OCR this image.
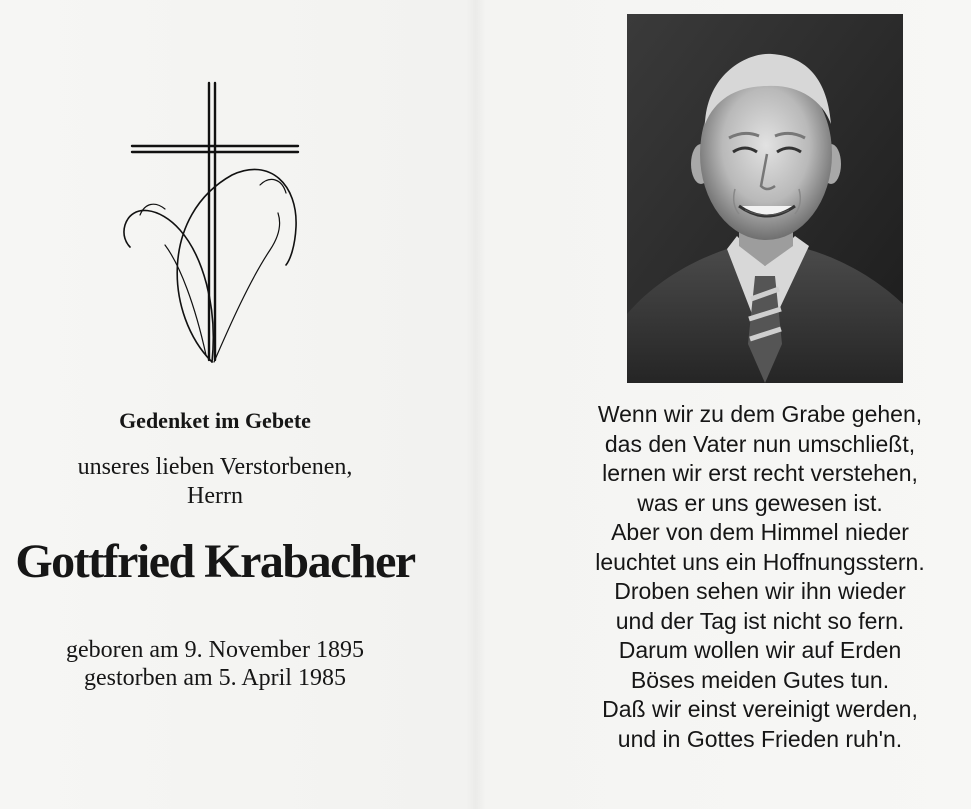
Gedenket im Gebete
unseres lieben Verstorbenen,
Herrn
Gottfried Krabacher
geboren am 9. November 1895
gestorben am 5. April 1985
Wenn wir zu dem Grabe gehen,
das den Vater nun umschließt,
lernen wir erst recht verstehen,
was er uns gewesen ist.
Aber von dem Himmel nieder
leuchtet uns ein Hoffnungsstern.
Droben sehen wir ihn wieder
und der Tag ist nicht so fern.
Darum wollen wir auf Erden
Böses meiden Gutes tun.
Daß wir einst vereinigt werden,
und in Gottes Frieden ruh'n.
